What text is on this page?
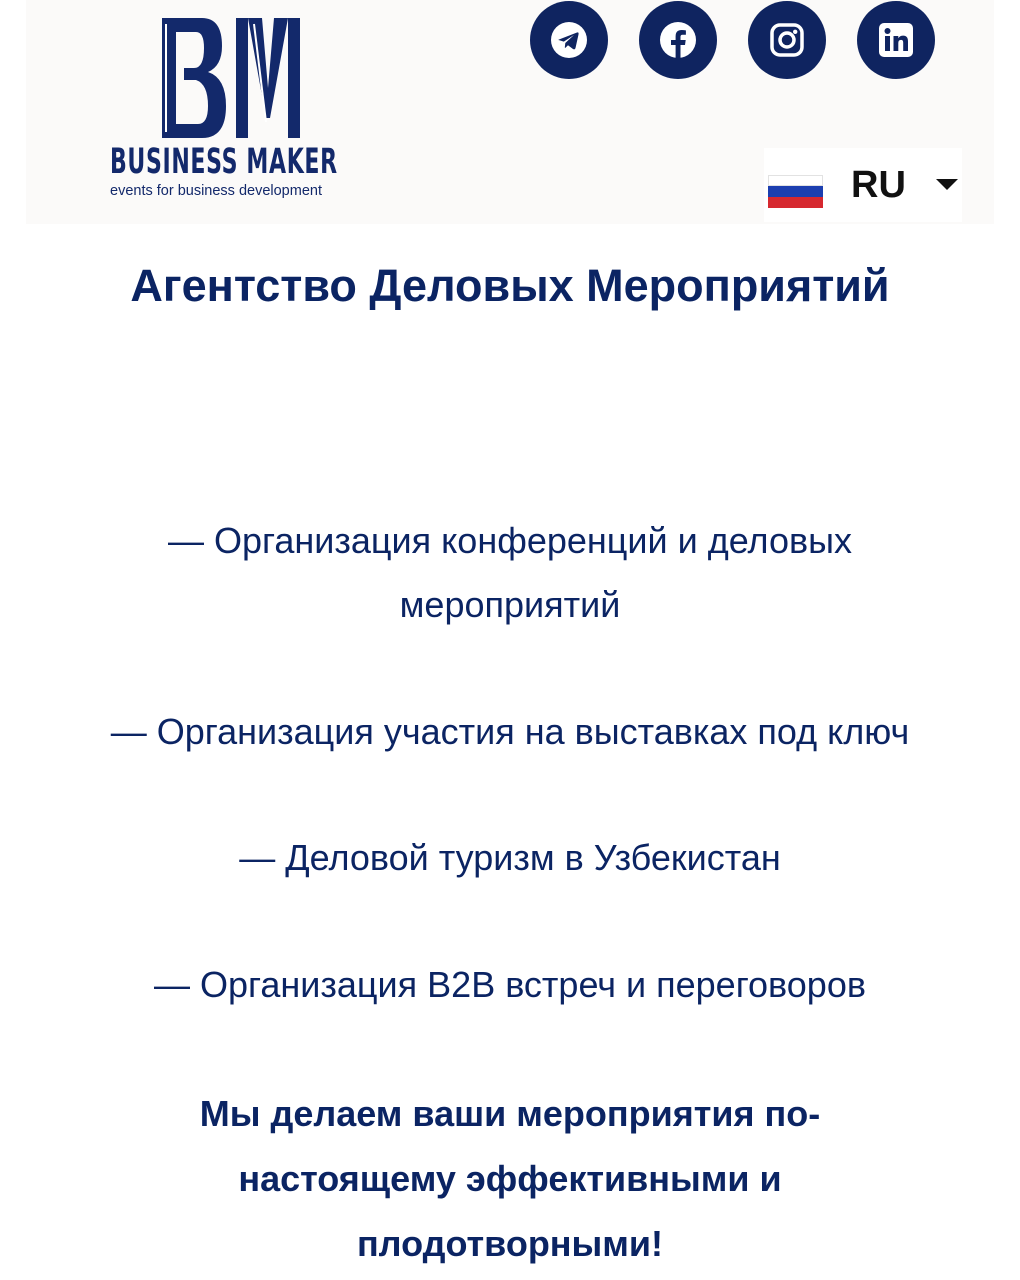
BUSINESS MAKER
events for business development	RU
Агентство Деловых Мероприятий
— Организация конференций и деловых мероприятий
— Организация участия на выставках под ключ
— Деловой туризм в Узбекистан
— Организация B2B встреч и переговоров
Мы делаем ваши мероприятия по-настоящему эффективными и плодотворными!
